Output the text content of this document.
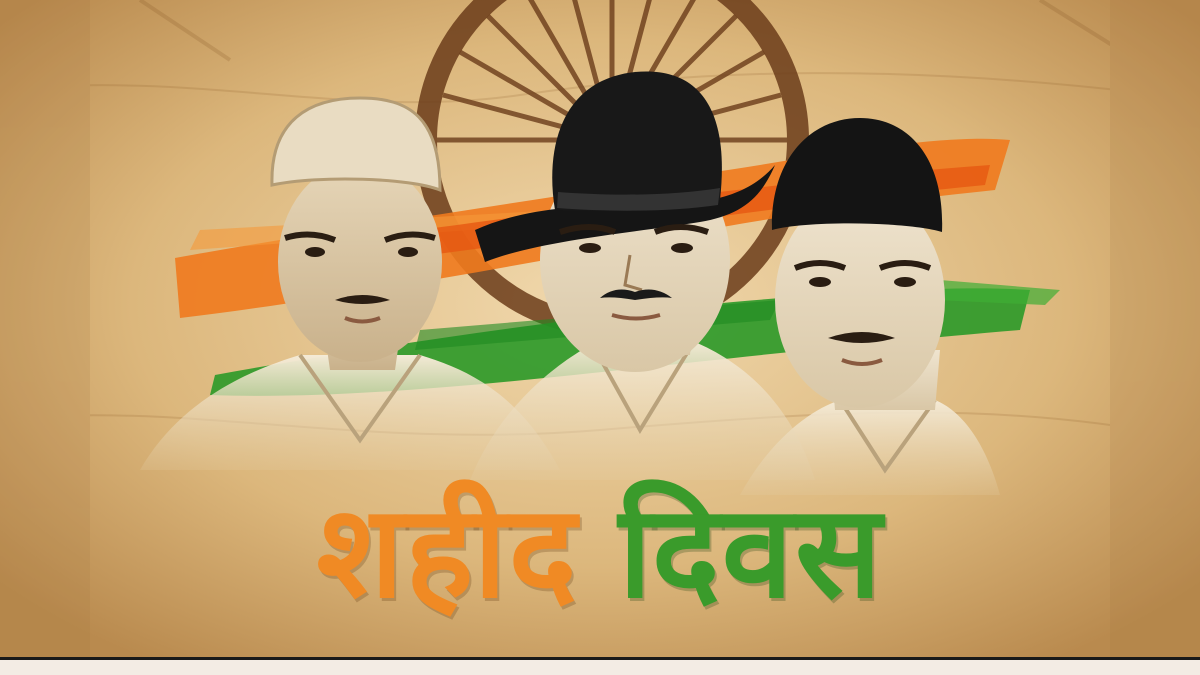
शहीद दिवस
